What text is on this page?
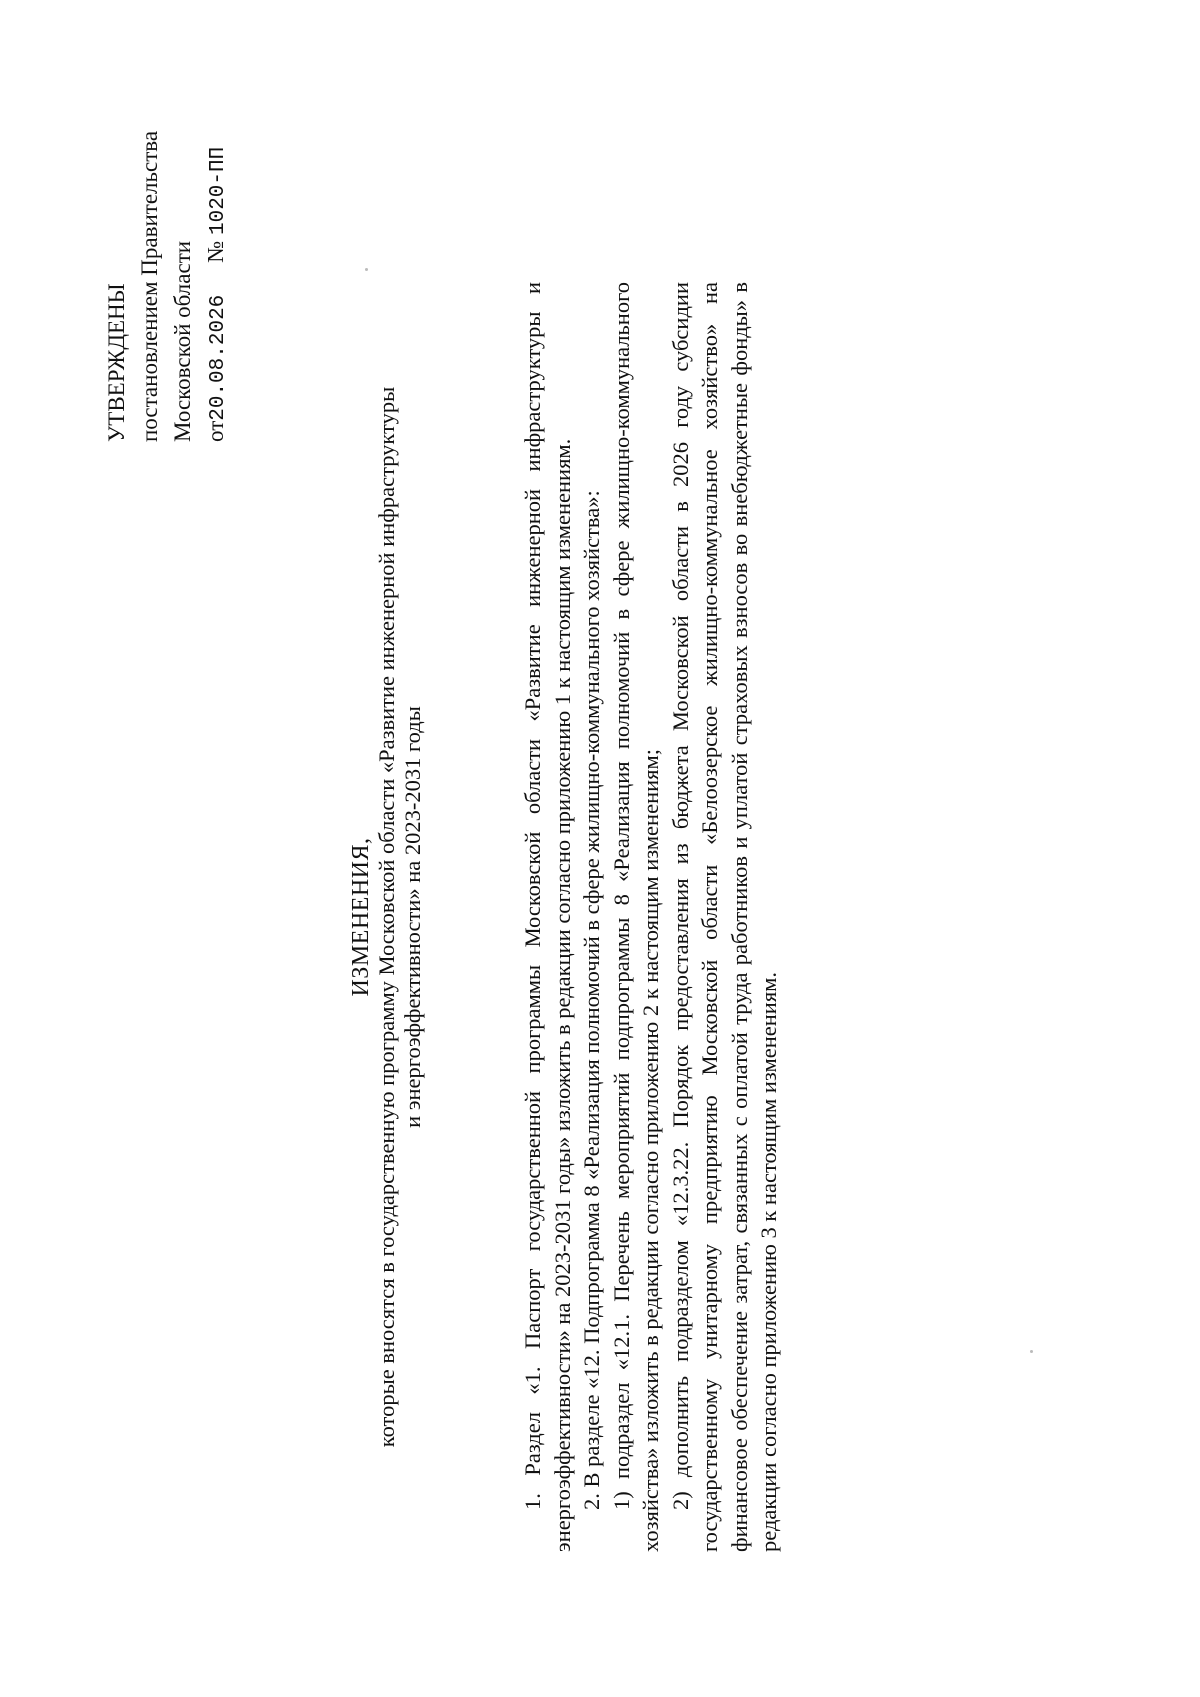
УТВЕРЖДЕНЫ постановлением Правительства Московской области от20.08.2026№ 1020-ПП
ИЗМЕНЕНИЯ, которые вносятся в государственную программу Московской области «Развитие инженерной инфраструктуры и энергоэффективности» на 2023-2031 годы	1. Раздел «1. Паспорт государственной программы Московской области «Развитие инженерной инфраструктуры и энергоэффективности» на 2023-2031 годы» изложить в редакции согласно приложению 1 к настоящим изменениям. 2. В разделе «12. Подпрограмма 8 «Реализация полномочий в сфере жилищно-коммунального хозяйства»: 1) подраздел «12.1. Перечень мероприятий подпрограммы 8 «Реализация полномочий в сфере жилищно-коммунального хозяйства» изложить в редакции согласно приложению 2 к настоящим изменениям; 2) дополнить подразделом «12.3.22. Порядок предоставления из бюджета Московской области в 2026 году субсидии государственному унитарному предприятию Московской области «Белоозерское жилищно-коммунальное хозяйство» на финансовое обеспечение затрат, связанных с оплатой труда работников и уплатой страховых взносов во внебюджетные фонды» в редакции согласно приложению 3 к настоящим изменениям.
